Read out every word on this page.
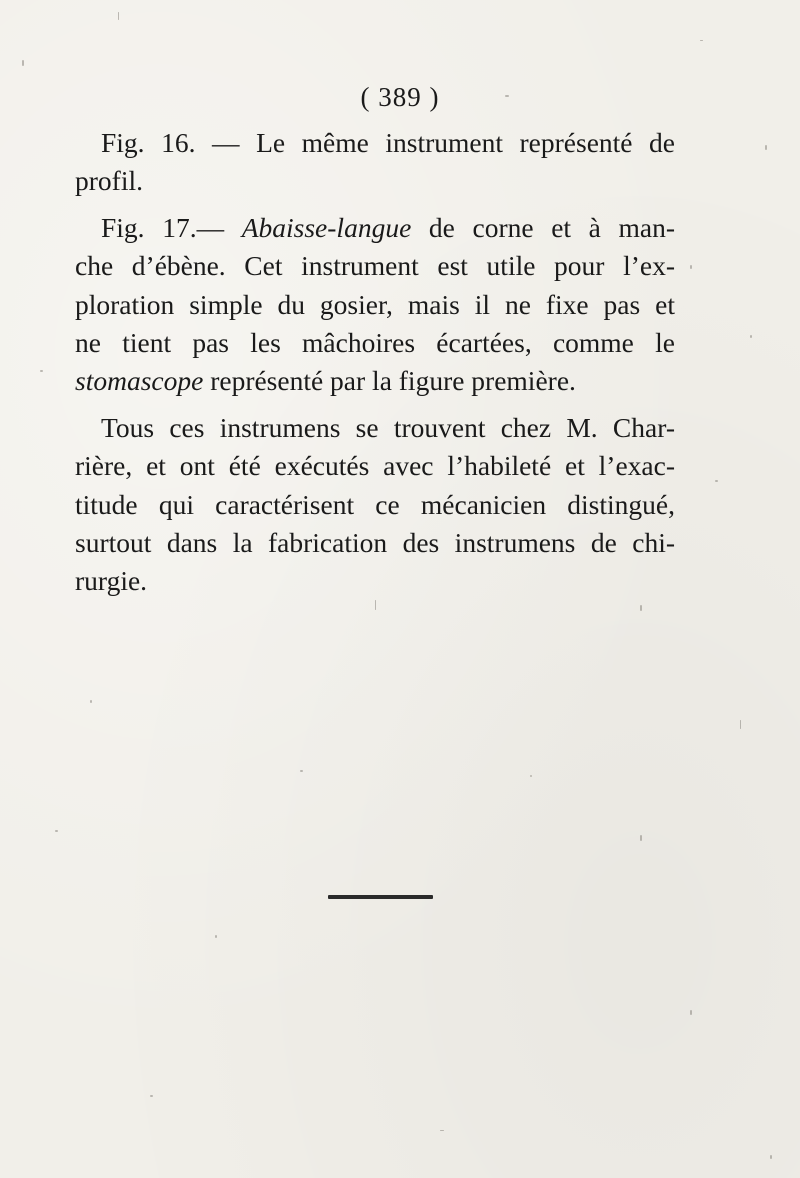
( 389 )
Fig. 16. — Le même instrument représenté de
profil.
Fig. 17.— Abaisse-langue de corne et à man-
che d’ébène. Cet instrument est utile pour l’ex-
ploration simple du gosier, mais il ne fixe pas et
ne tient pas les mâchoires écartées, comme le
stomascope représenté par la figure première.
Tous ces instrumens se trouvent chez M. Char-
rière, et ont été exécutés avec l’habileté et l’exac-
titude qui caractérisent ce mécanicien distingué,
surtout dans la fabrication des instrumens de chi-
rurgie.
